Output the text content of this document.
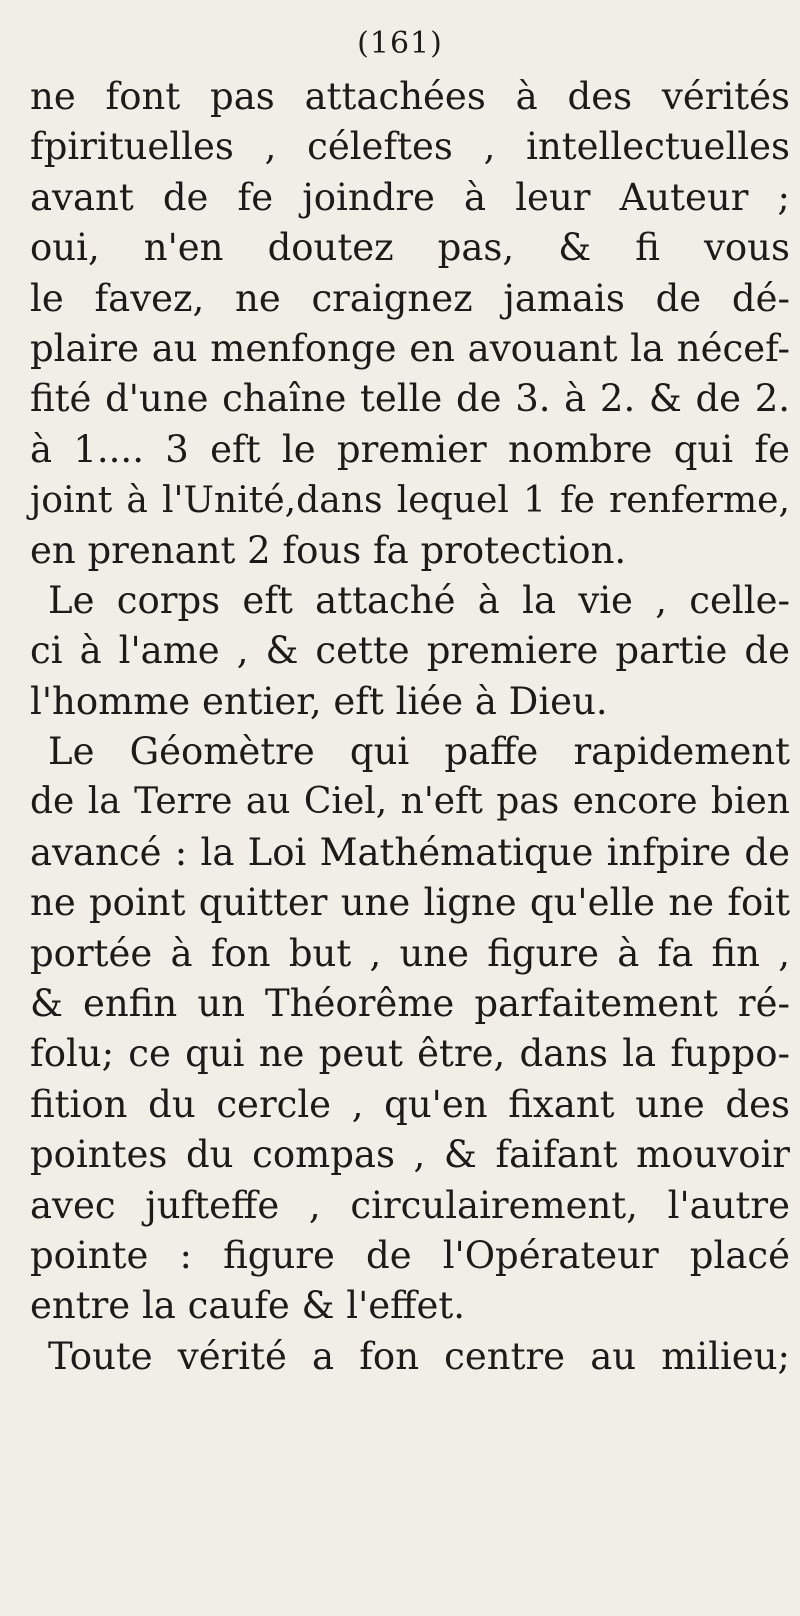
(161)
ne font pas attachées à des vérités
fpirituelles , céleftes , intellectuelles
avant de fe joindre à leur Auteur ;
oui, n'en doutez pas, & fi vous
le favez, ne craignez jamais de dé-
plaire au menfonge en avouant la nécef-
fité d'une chaîne telle de 3. à 2. & de 2.
à 1.... 3 eft le premier nombre qui fe
joint à l'Unité,dans lequel 1 fe renferme,
en prenant 2 fous fa protection.
Le corps eft attaché à la vie , celle-
ci à l'ame , & cette premiere partie de
l'homme entier, eft liée à Dieu.
Le Géomètre qui paffe rapidement
de la Terre au Ciel, n'eft pas encore bien
avancé : la Loi Mathématique infpire de
ne point quitter une ligne qu'elle ne foit
portée à fon but , une figure à fa fin ,
& enfin un Théorême parfaitement ré-
folu; ce qui ne peut être, dans la fuppo-
fition du cercle , qu'en fixant une des
pointes du compas , & faifant mouvoir
avec jufteffe , circulairement, l'autre
pointe : figure de l'Opérateur placé
entre la caufe & l'effet.
Toute vérité a fon centre au milieu;
